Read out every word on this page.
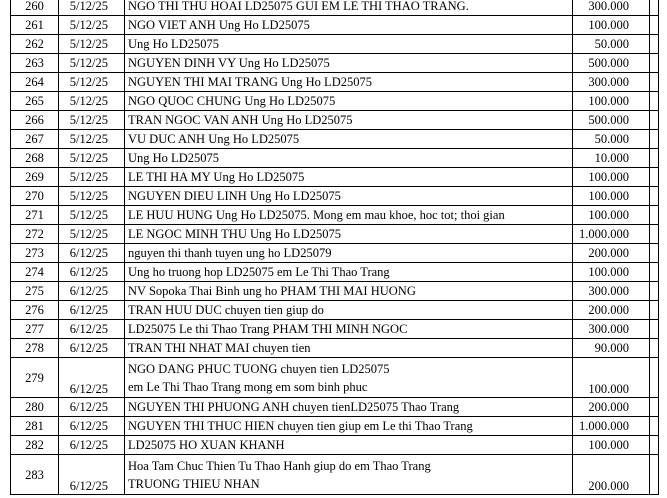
260	5/12/25	NGO THI THU HOAI LD25075 GUI EM LE THI THAO TRANG.	300.000	
261	5/12/25	NGO VIET ANH Ung Ho LD25075	100.000	
262	5/12/25	Ung Ho LD25075	50.000	
263	5/12/25	NGUYEN DINH VY Ung Ho LD25075	500.000	
264	5/12/25	NGUYEN THI MAI TRANG Ung Ho LD25075	300.000	
265	5/12/25	NGO QUOC CHUNG Ung Ho LD25075	100.000	
266	5/12/25	TRAN NGOC VAN ANH Ung Ho LD25075	500.000	
267	5/12/25	VU DUC ANH Ung Ho LD25075	50.000	
268	5/12/25	Ung Ho LD25075	10.000	
269	5/12/25	LE THI HA MY Ung Ho LD25075	100.000	
270	5/12/25	NGUYEN DIEU LINH Ung Ho LD25075	100.000	
271	5/12/25	LE HUU HUNG Ung Ho LD25075. Mong em mau khoe, hoc tot; thoi gian	100.000	
272	5/12/25	LE NGOC MINH THU Ung Ho LD25075	1.000.000	
273	6/12/25	nguyen thi thanh tuyen ung ho LD25079	200.000	
274	6/12/25	Ung ho truong hop LD25075 em Le Thi Thao Trang	100.000	
275	6/12/25	NV Sopoka Thai Binh ung ho PHAM THI MAI HUONG	300.000	
276	6/12/25	TRAN HUU DUC chuyen tien giup do	200.000	
277	6/12/25	LD25075 Le thi Thao Trang PHAM THI MINH NGOC	300.000	
278	6/12/25	TRAN THI NHAT MAI chuyen tien	90.000	
279	6/12/25	NGO DANG PHUC TUONG chuyen tien LD25075
em Le Thi Thao Trang mong em som binh phuc	100.000	
280	6/12/25	NGUYEN THI PHUONG ANH chuyen tienLD25075 Thao Trang	200.000	
281	6/12/25	NGUYEN THI THUC HIEN chuyen tien giup em Le thi Thao Trang	1.000.000	
282	6/12/25	LD25075 HO XUAN KHANH	100.000	
283	6/12/25	Hoa Tam Chuc Thien Tu Thao Hanh giup do em Thao Trang
TRUONG THIEU NHAN	200.000	
